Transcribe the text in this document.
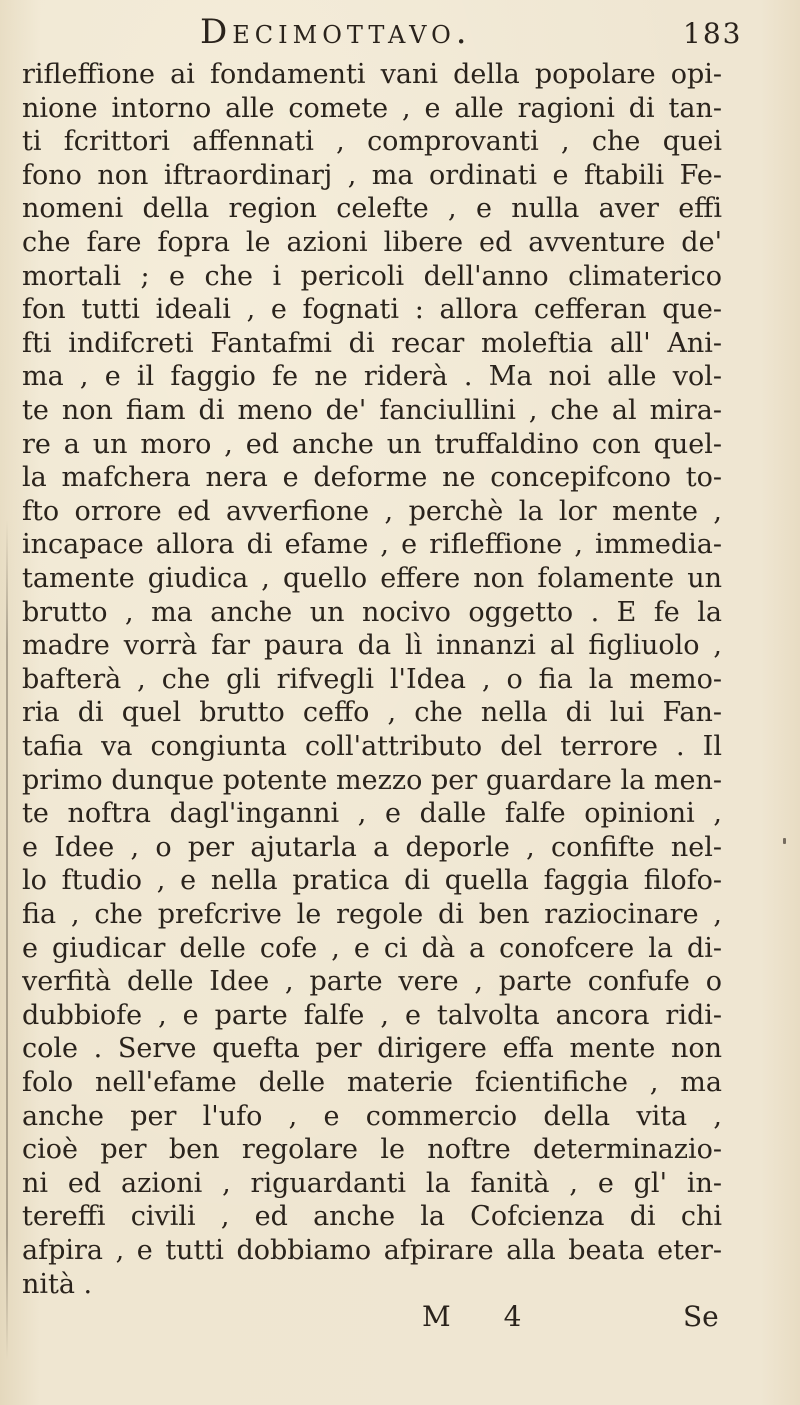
Decimottavo.	183
rifleffione ai fondamenti vani della popolare opi-
nione intorno alle comete , e alle ragioni di tan-
ti fcrittori affennati , comprovanti , che quei
fono non iftraordinarj , ma ordinati e ftabili Fe-
nomeni della region celefte , e nulla aver effi
che fare fopra le azioni libere ed avventure de'
mortali ; e che i pericoli dell'anno climaterico
fon tutti ideali , e fognati : allora cefferan que-
fti indifcreti Fantafmi di recar moleftia all' Ani-
ma , e il faggio fe ne riderà . Ma noi alle vol-
te non fiam di meno de' fanciullini , che al mira-
re a un moro , ed anche un truffaldino con quel-
la mafchera nera e deforme ne concepifcono to-
fto orrore ed avverfione , perchè la lor mente ,
incapace allora di efame , e rifleffione , immedia-
tamente giudica , quello effere non folamente un
brutto , ma anche un nocivo oggetto . E fe la
madre vorrà far paura da lì innanzi al figliuolo ,
bafterà , che gli rifvegli l'Idea , o fia la memo-
ria di quel brutto ceffo , che nella di lui Fan-
tafia va congiunta coll'attributo del terrore . Il
primo dunque potente mezzo per guardare la men-
te noftra dagl'inganni , e dalle falfe opinioni ,
e Idee , o per ajutarla a deporle , confifte nel-
lo ftudio , e nella pratica di quella faggia filofo-
fia , che prefcrive le regole di ben raziocinare ,
e giudicar delle cofe , e ci dà a conofcere la di-
verfità delle Idee , parte vere , parte confufe o
dubbiofe , e parte falfe , e talvolta ancora ridi-
cole . Serve quefta per dirigere effa mente non
folo nell'efame delle materie fcientifiche , ma
anche per l'ufo , e commercio della vita ,
cioè per ben regolare le noftre determinazio-
ni ed azioni , riguardanti la fanità , e gl' in-
tereffi civili , ed anche la Cofcienza di chi
afpira , e tutti dobbiamo afpirare alla beata eter-
nità .
M 4	Se
